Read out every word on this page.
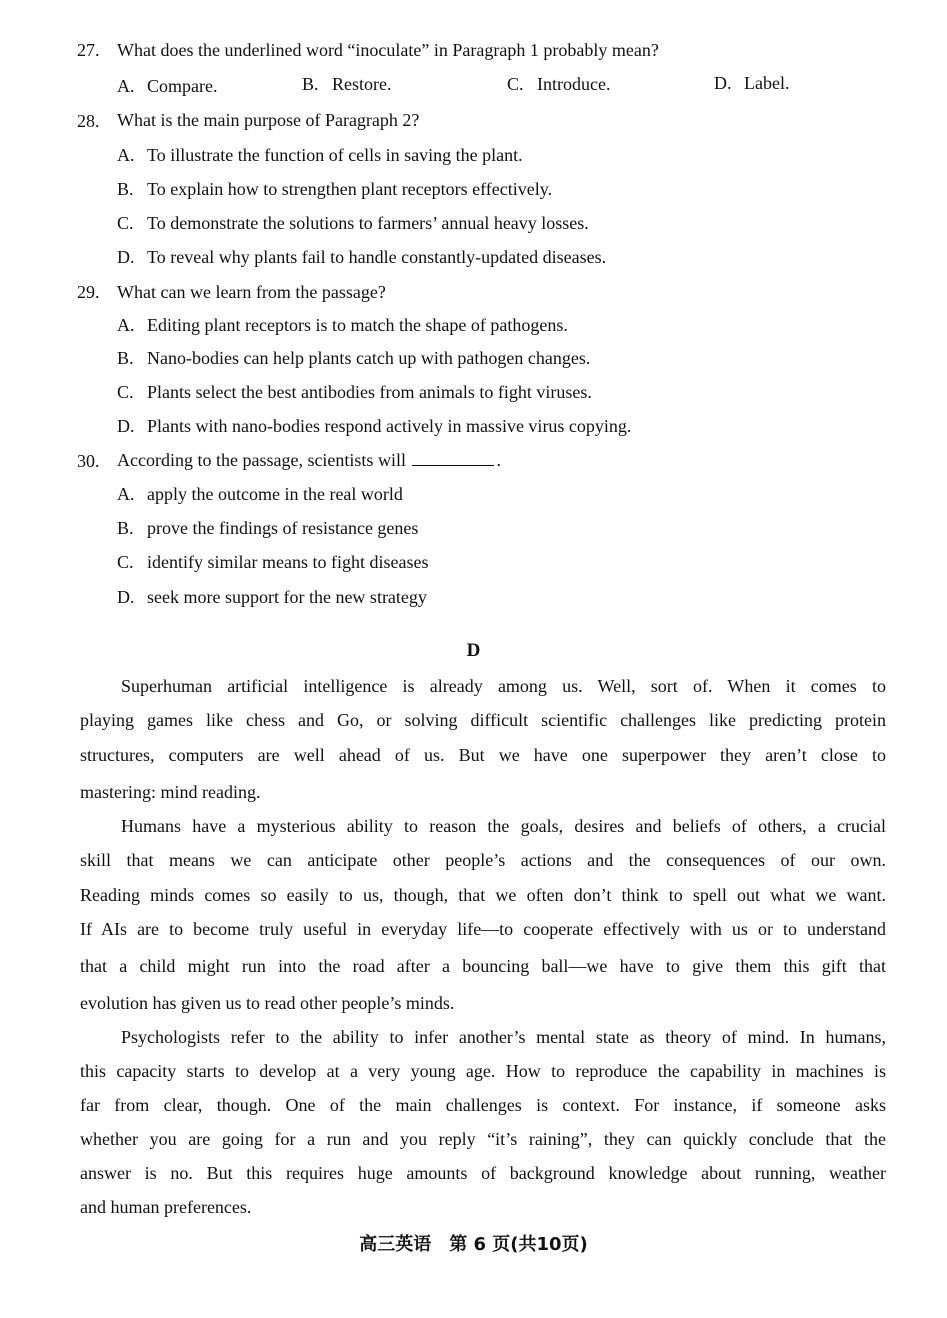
27. What does the underlined word “inoculate” in Paragraph 1 probably mean?
A. Compare.	B. Restore.	C. Introduce.	D. Label.
28. What is the main purpose of Paragraph 2?
A. To illustrate the function of cells in saving the plant.
B. To explain how to strengthen plant receptors effectively.
C. To demonstrate the solutions to farmers’ annual heavy losses.
D. To reveal why plants fail to handle constantly-updated diseases.
29. What can we learn from the passage?
A. Editing plant receptors is to match the shape of pathogens.
B. Nano-bodies can help plants catch up with pathogen changes.
C. Plants select the best antibodies from animals to fight viruses.
D. Plants with nano-bodies respond actively in massive virus copying.
30. According to the passage, scientists will	.
A. apply the outcome in the real world
B. prove the findings of resistance genes
C. identify similar means to fight diseases
D. seek more support for the new strategy
D
Superhuman artificial intelligence is already among us. Well, sort of. When it comes to
playing games like chess and Go, or solving difficult scientific challenges like predicting protein
structures, computers are well ahead of us. But we have one superpower they aren’t close to
mastering: mind reading.
Humans have a mysterious ability to reason the goals, desires and beliefs of others, a crucial
skill that means we can anticipate other people’s actions and the consequences of our own.
Reading minds comes so easily to us, though, that we often don’t think to spell out what we want.
If AIs are to become truly useful in everyday life—to cooperate effectively with us or to understand
that a child might run into the road after a bouncing ball—we have to give them this gift that
evolution has given us to read other people’s minds.
Psychologists refer to the ability to infer another’s mental state as theory of mind. In humans,
this capacity starts to develop at a very young age. How to reproduce the capability in machines is
far from clear, though. One of the main challenges is context. For instance, if someone asks
whether you are going for a run and you reply “it’s raining”, they can quickly conclude that the
answer is no. But this requires huge amounts of background knowledge about running, weather
and human preferences.
高三英语　第 6 页(共10页)
